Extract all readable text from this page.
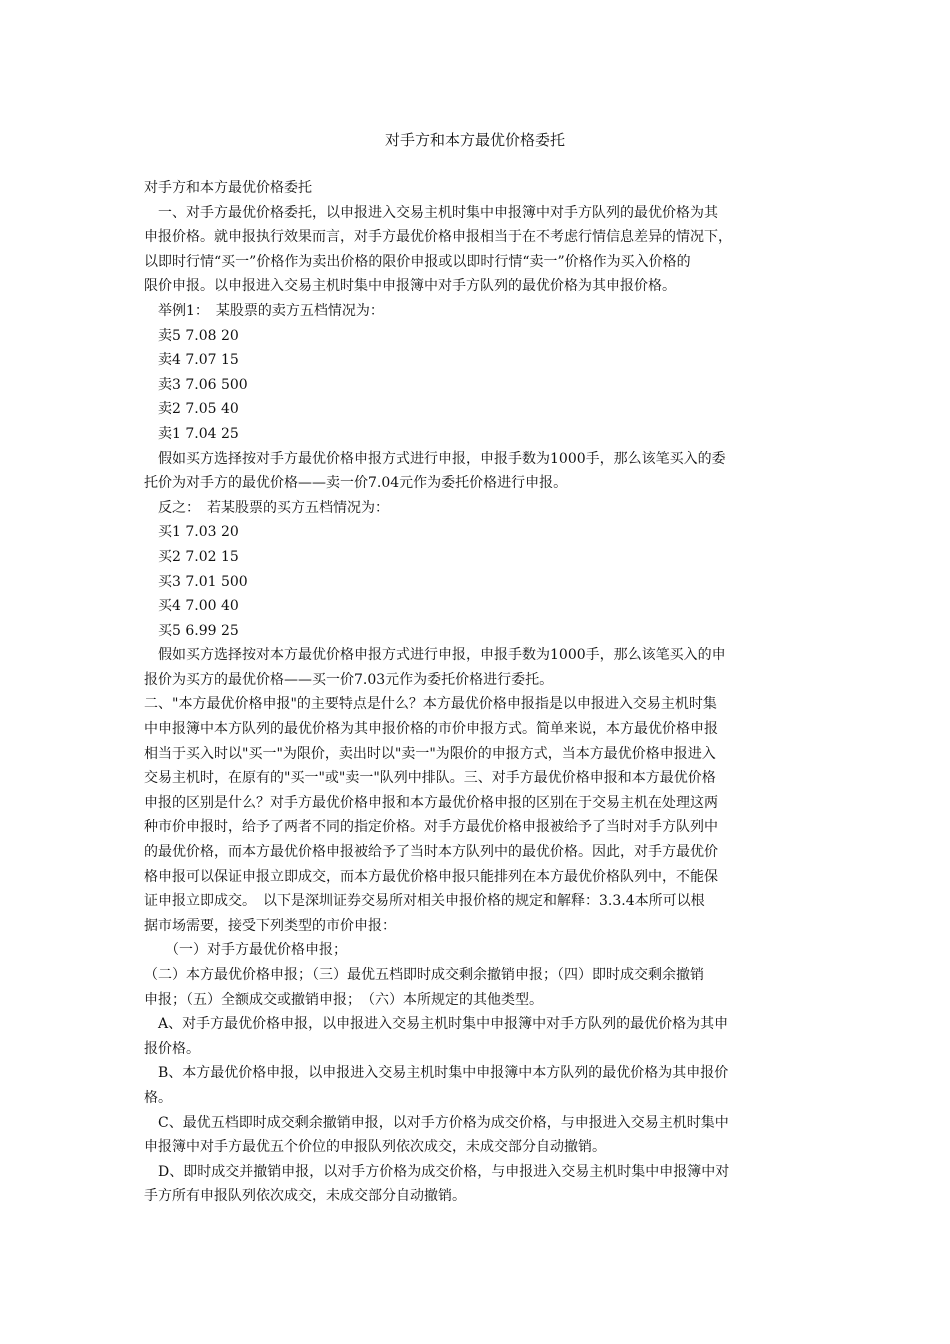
对手方和本方最优价格委托
对手方和本方最优价格委托
　一、对手方最优价格委托，以申报进入交易主机时集中申报簿中对手方队列的最优价格为其
申报价格。就申报执行效果而言，对手方最优价格申报相当于在不考虑行情信息差异的情况下，
以即时行情“买一”价格作为卖出价格的限价申报或以即时行情“卖一”价格作为买入价格的
限价申报。以申报进入交易主机时集中申报簿中对手方队列的最优价格为其申报价格。
　举例1：　某股票的卖方五档情况为：
　卖5 7.08 20
　卖4 7.07 15
　卖3 7.06 500
　卖2 7.05 40
　卖1 7.04 25
　假如买方选择按对手方最优价格申报方式进行申报，申报手数为1000手，那么该笔买入的委
托价为对手方的最优价格——卖一价7.04元作为委托价格进行申报。
　反之：　若某股票的买方五档情况为：
　买1 7.03 20
　买2 7.02 15
　买3 7.01 500
　买4 7.00 40
　买5 6.99 25
　假如买方选择按对本方最优价格申报方式进行申报，申报手数为1000手，那么该笔买入的申
报价为买方的最优价格——买一价7.03元作为委托价格进行委托。
二、"本方最优价格申报"的主要特点是什么？本方最优价格申报指是以申报进入交易主机时集
中申报簿中本方队列的最优价格为其申报价格的市价申报方式。简单来说，本方最优价格申报
相当于买入时以"买一"为限价，卖出时以"卖一"为限价的申报方式，当本方最优价格申报进入
交易主机时，在原有的"买一"或"卖一"队列中排队。三、对手方最优价格申报和本方最优价格
申报的区别是什么？对手方最优价格申报和本方最优价格申报的区别在于交易主机在处理这两
种市价申报时，给予了两者不同的指定价格。对手方最优价格申报被给予了当时对手方队列中
的最优价格，而本方最优价格申报被给予了当时本方队列中的最优价格。因此，对手方最优价
格申报可以保证申报立即成交，而本方最优价格申报只能排列在本方最优价格队列中，不能保
证申报立即成交。　以下是深圳证券交易所对相关申报价格的规定和解释：3.3.4本所可以根
据市场需要，接受下列类型的市价申报：
　　（一）对手方最优价格申报；
（二）本方最优价格申报；（三）最优五档即时成交剩余撤销申报；（四）即时成交剩余撤销
申报；（五）全额成交或撤销申报；　（六）本所规定的其他类型。
　A、对手方最优价格申报，以申报进入交易主机时集中申报簿中对手方队列的最优价格为其申
报价格。
　B、本方最优价格申报，以申报进入交易主机时集中申报簿中本方队列的最优价格为其申报价
格。
　C、最优五档即时成交剩余撤销申报，以对手方价格为成交价格，与申报进入交易主机时集中
申报簿中对手方最优五个价位的申报队列依次成交，未成交部分自动撤销。
　D、即时成交并撤销申报，以对手方价格为成交价格，与申报进入交易主机时集中申报簿中对
手方所有申报队列依次成交，未成交部分自动撤销。
